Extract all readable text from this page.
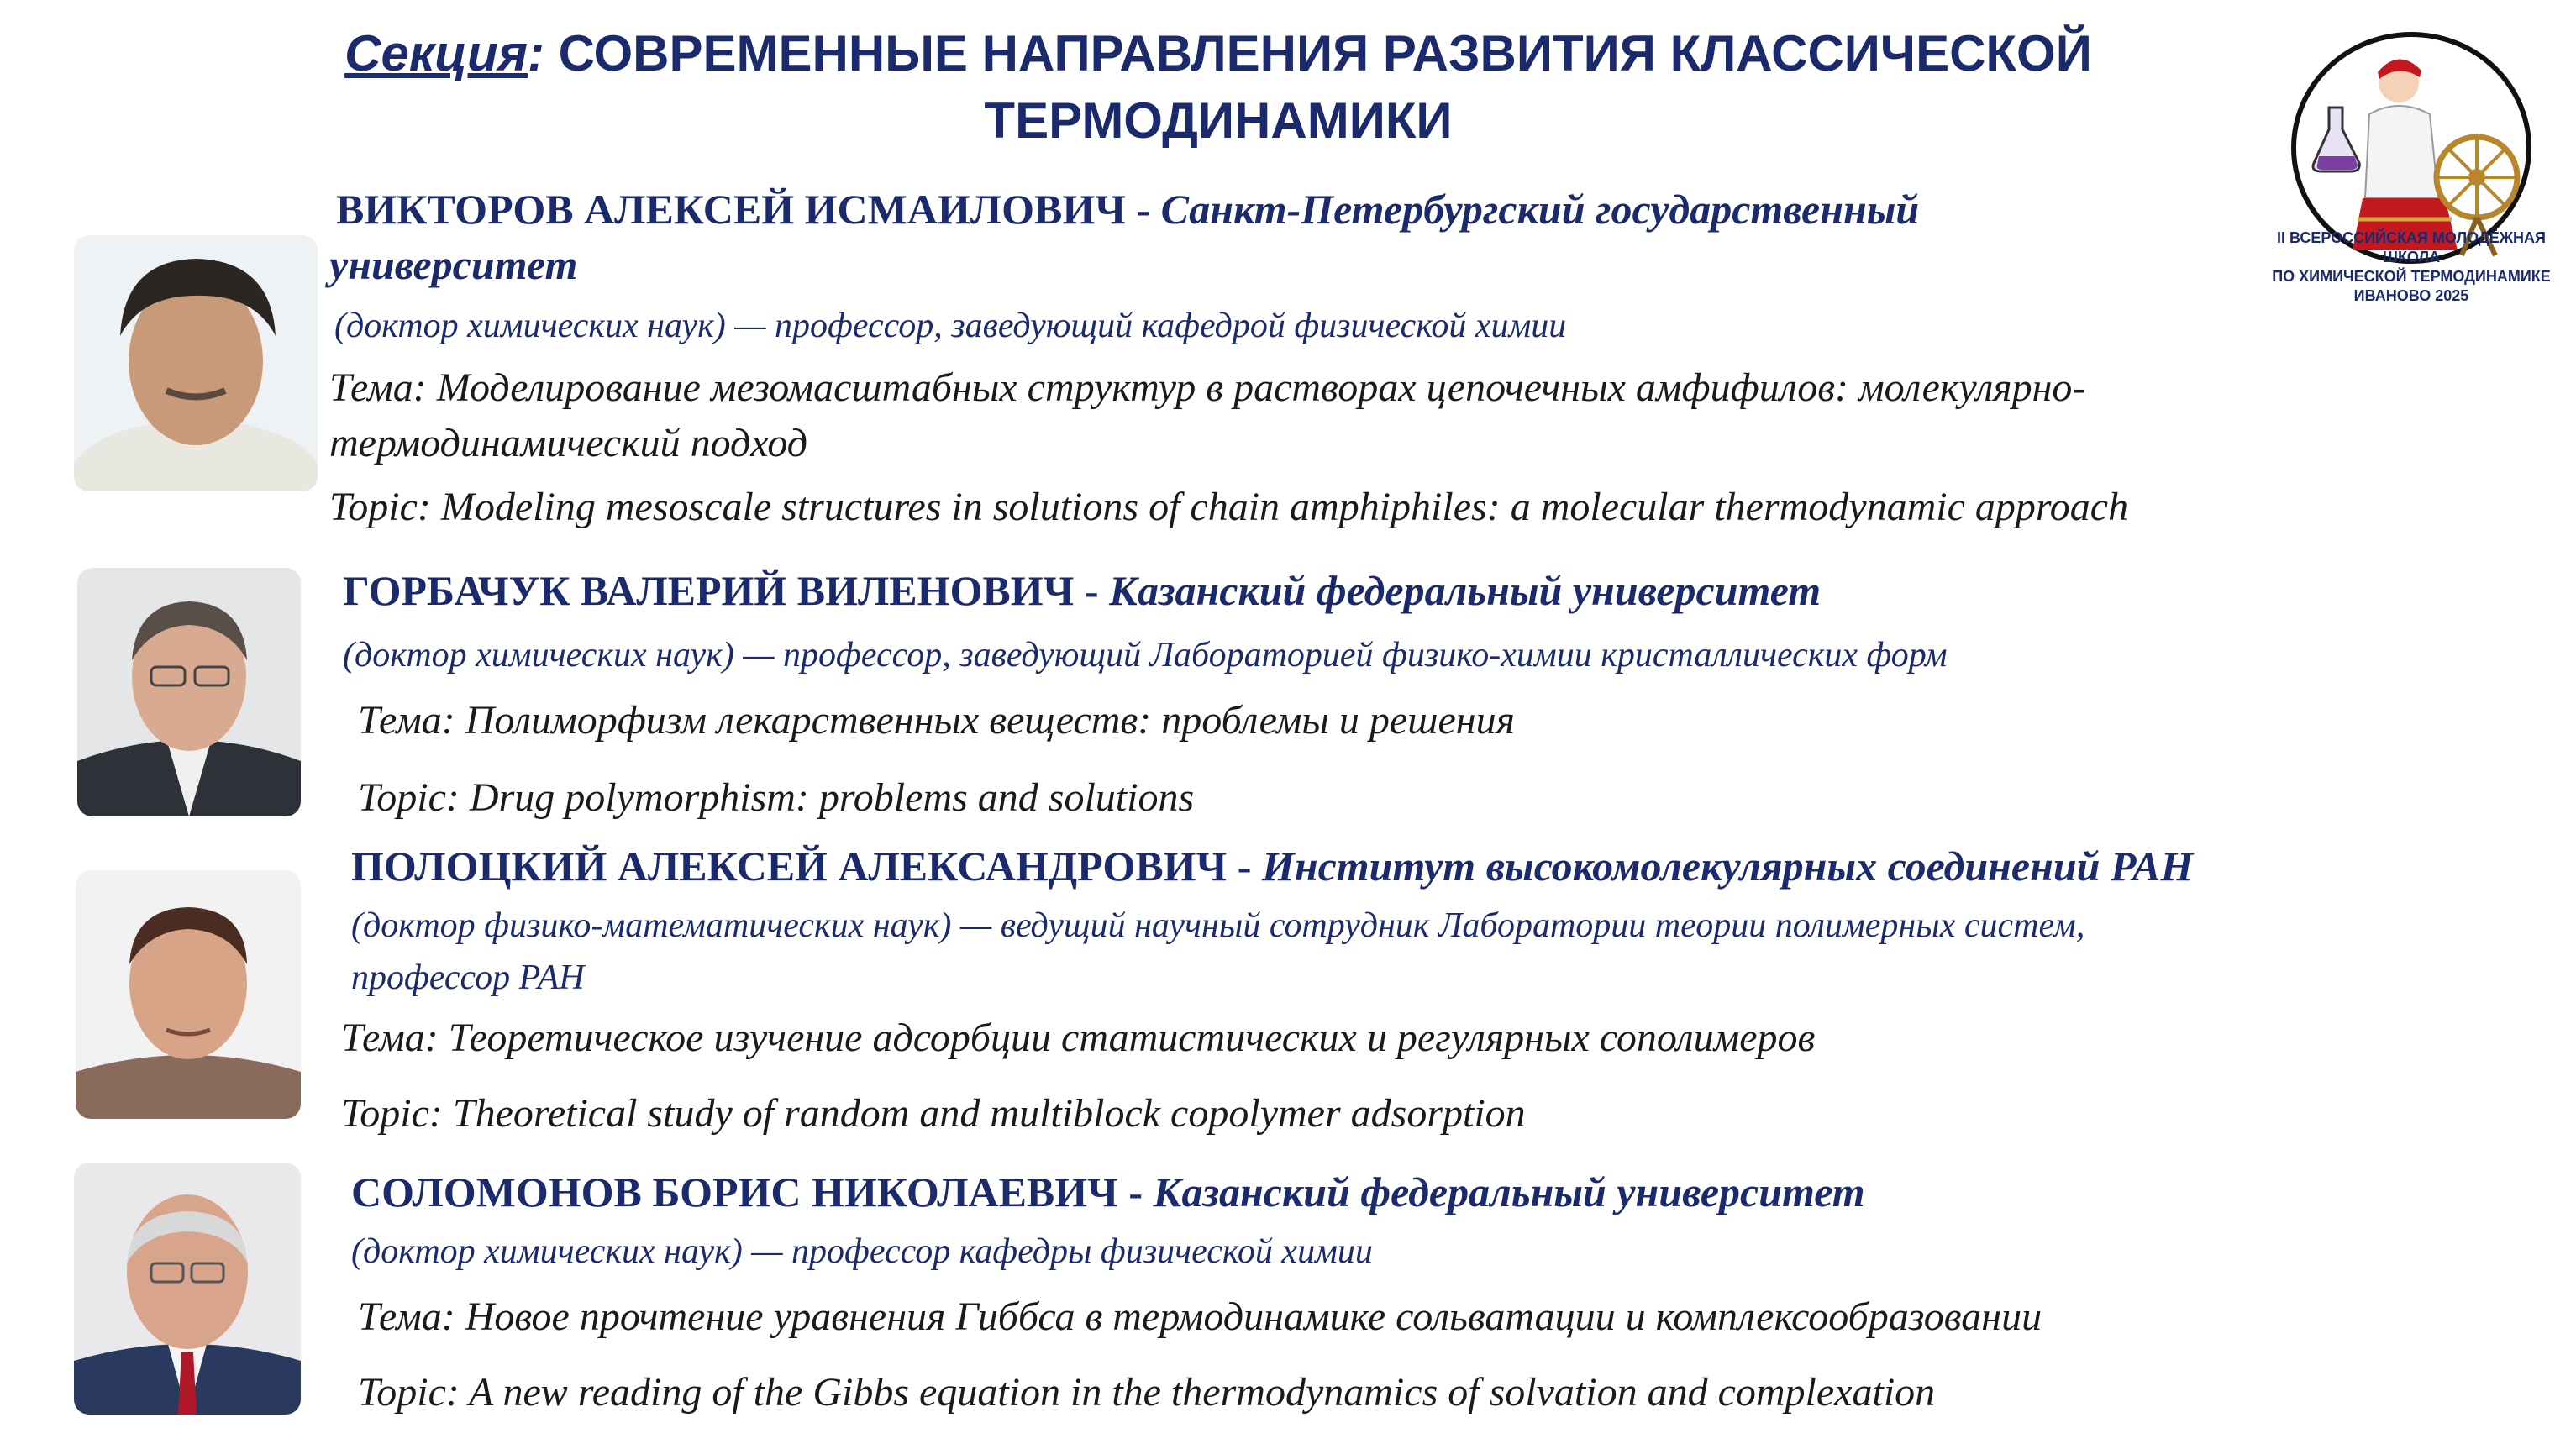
Секция: СОВРЕМЕННЫЕ НАПРАВЛЕНИЯ РАЗВИТИЯ КЛАССИЧЕСКОЙ
ТЕРМОДИНАМИКИ
II ВСЕРОССИЙСКАЯ МОЛОДЁЖНАЯ ШКОЛА
ПО ХИМИЧЕСКОЙ ТЕРМОДИНАМИКЕ
ИВАНОВО 2025
ВИКТОРОВ АЛЕКСЕЙ ИСМАИЛОВИЧ - Санкт-Петербургский государственный
университет
(доктор химических наук) — профессор, заведующий кафедрой физической химии
Тема: Моделирование мезомасштабных структур в растворах цепочечных амфифилов: молекулярно-
термодинамический подход
Topic: Modeling mesoscale structures in solutions of chain amphiphiles: a molecular thermodynamic approach
ГОРБАЧУК ВАЛЕРИЙ ВИЛЕНОВИЧ - Казанский федеральный университет
(доктор химических наук) — профессор, заведующий Лабораторией физико-химии кристаллических форм
Тема: Полиморфизм лекарственных веществ: проблемы и решения
Topic: Drug polymorphism: problems and solutions
ПОЛОЦКИЙ АЛЕКСЕЙ АЛЕКСАНДРОВИЧ - Институт высокомолекулярных соединений РАН
(доктор физико-математических наук) — ведущий научный сотрудник Лаборатории теории полимерных систем,
профессор РАН
Тема: Теоретическое изучение адсорбции статистических и регулярных сополимеров
Topic: Theoretical study of random and multiblock copolymer adsorption
СОЛОМОНОВ БОРИС НИКОЛАЕВИЧ - Казанский федеральный университет
(доктор химических наук) — профессор кафедры физической химии
Тема: Новое прочтение уравнения Гиббса в термодинамике сольватации и комплексообразовании
Topic: A new reading of the Gibbs equation in the thermodynamics of solvation and complexation
